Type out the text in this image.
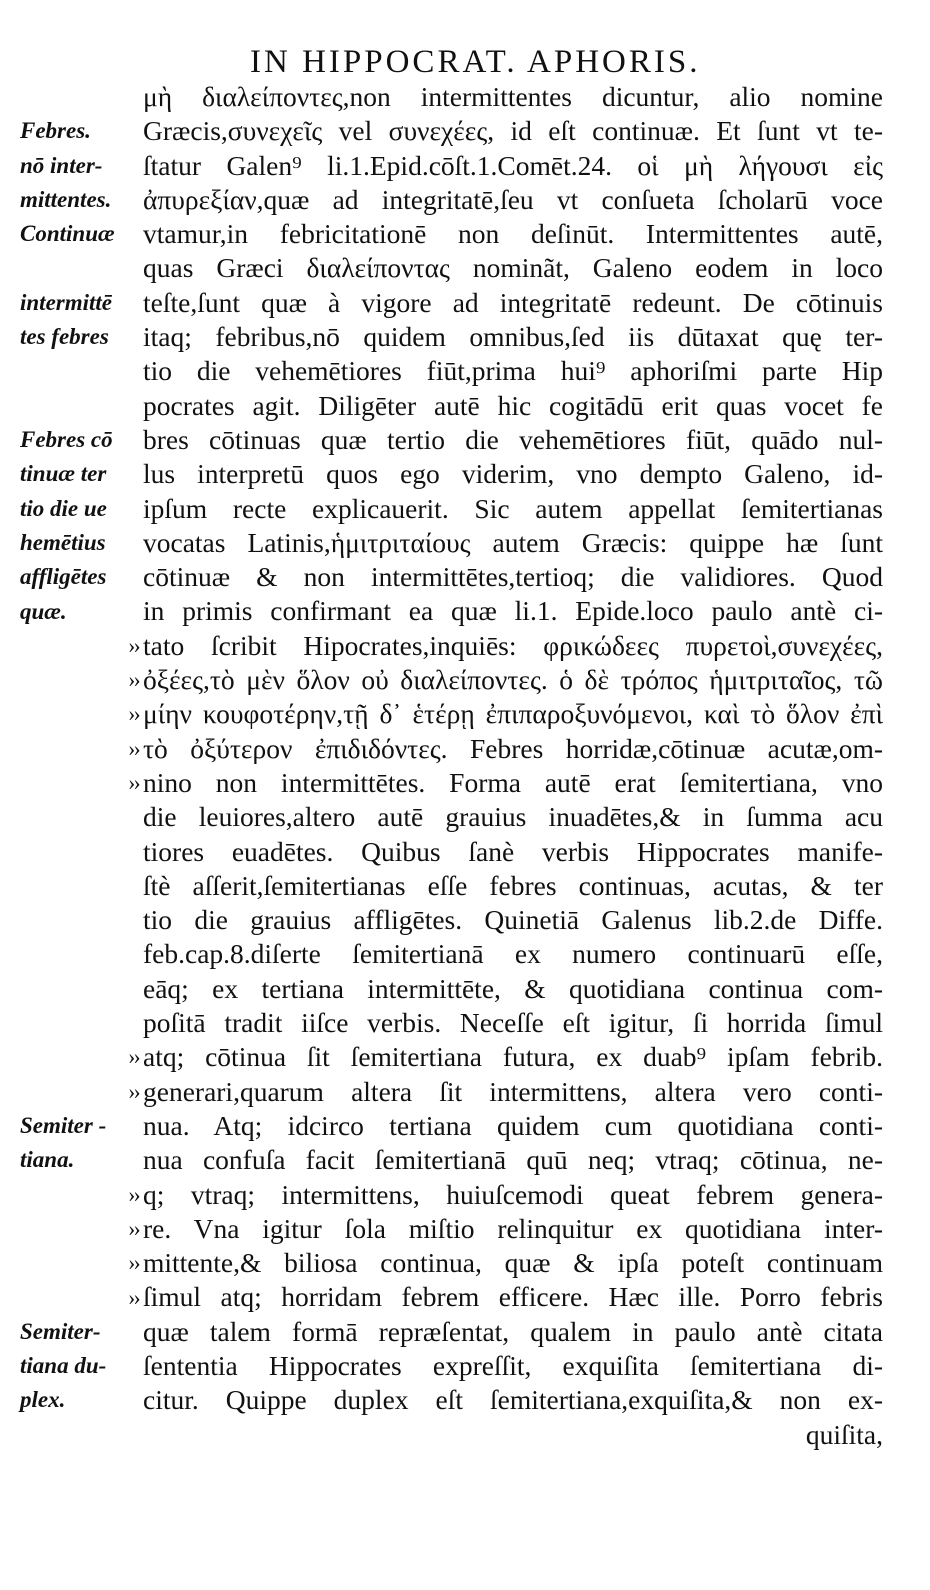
IN HIPPOCRAT. APHORIS.
Febres.
nō inter-
mittentes.
Continuæ
intermittē
tes febres
Febres cō
tinuæ ter
tio die ue
hemētius
affligētes
quæ.
Semiter -
tiana.
Semiter-
tiana du-
plex.
››
››
››
››
››
››
››
››
››
››
››
μὴ διαλείποντες,non intermittentes dicuntur, alio nomine
Græcis,συνεχεῖς vel συνεχέες, id eſt continuæ. Et ſunt vt te-
ſtatur Galen⁹ li.1.Epid.cōſt.1.Comēt.24. οἱ μὴ λήγουσι εἰς
ἀπυρεξίαν,quæ ad integritatē,ſeu vt conſueta ſcholarū voce
vtamur,in febricitationē non deſinūt. Intermittentes autē,
quas Græci διαλείποντας nominãt, Galeno eodem in loco
teſte,ſunt quæ à vigore ad integritatē redeunt. De cōtinuis
itaq; febribus,nō quidem omnibus,ſed iis dūtaxat quę ter-
tio die vehemētiores fiūt,prima hui⁹ aphoriſmi parte Hip
pocrates agit. Diligēter autē hic cogitādū erit quas vocet fe
bres cōtinuas quæ tertio die vehemētiores fiūt, quādo nul-
lus interpretū quos ego viderim, vno dempto Galeno, id-
ipſum recte explicauerit. Sic autem appellat ſemitertianas
vocatas Latinis,ἡμιτριταίους autem Græcis: quippe hæ ſunt
cōtinuæ & non intermittētes,tertioq; die validiores. Quod
in primis confirmant ea quæ li.1. Epide.loco paulo antè ci-
tato ſcribit Hipocrates,inquiēs: φρικώδεες πυρετοὶ,συνεχέες,
ὀξέες,τὸ μὲν ὅλον οὐ διαλείποντες. ὁ δὲ τρόπος ἡμιτριταῖος, τῶ
μίην κουφοτέρην,τῇ δ᾽ ἑτέρῃ ἐπιπαροξυνόμενοι, καὶ τὸ ὅλον ἐπὶ
τὸ ὀξύτερον ἐπιδιδόντες. Febres horridæ,cōtinuæ acutæ,om-
nino non intermittētes. Forma autē erat ſemitertiana, vno
die leuiores,altero autē grauius inuadētes,& in ſumma acu
tiores euadētes. Quibus ſanè verbis Hippocrates manife-
ſtè aſſerit,ſemitertianas eſſe febres continuas, acutas, & ter
tio die grauius affligētes. Quinetiā Galenus lib.2.de Diffe.
feb.cap.8.diſerte ſemitertianā ex numero continuarū eſſe,
eāq; ex tertiana intermittēte, & quotidiana continua com-
poſitā tradit iiſce verbis. Neceſſe eſt igitur, ſi horrida ſimul
atq; cōtinua ſit ſemitertiana futura, ex duab⁹ ipſam febrib.
generari,quarum altera ſit intermittens, altera vero conti-
nua. Atq; idcirco tertiana quidem cum quotidiana conti-
nua confuſa facit ſemitertianā quū neq; vtraq; cōtinua, ne-
q; vtraq; intermittens, huiuſcemodi queat febrem genera-
re. Vna igitur ſola miſtio relinquitur ex quotidiana inter-
mittente,& biliosa continua, quæ & ipſa poteſt continuam
ſimul atq; horridam febrem efficere. Hæc ille. Porro febris
quæ talem formā repræſentat, qualem in paulo antè citata
ſententia Hippocrates expreſſit, exquiſita ſemitertiana di-
citur. Quippe duplex eſt ſemitertiana,exquiſita,& non ex-
quiſita,
